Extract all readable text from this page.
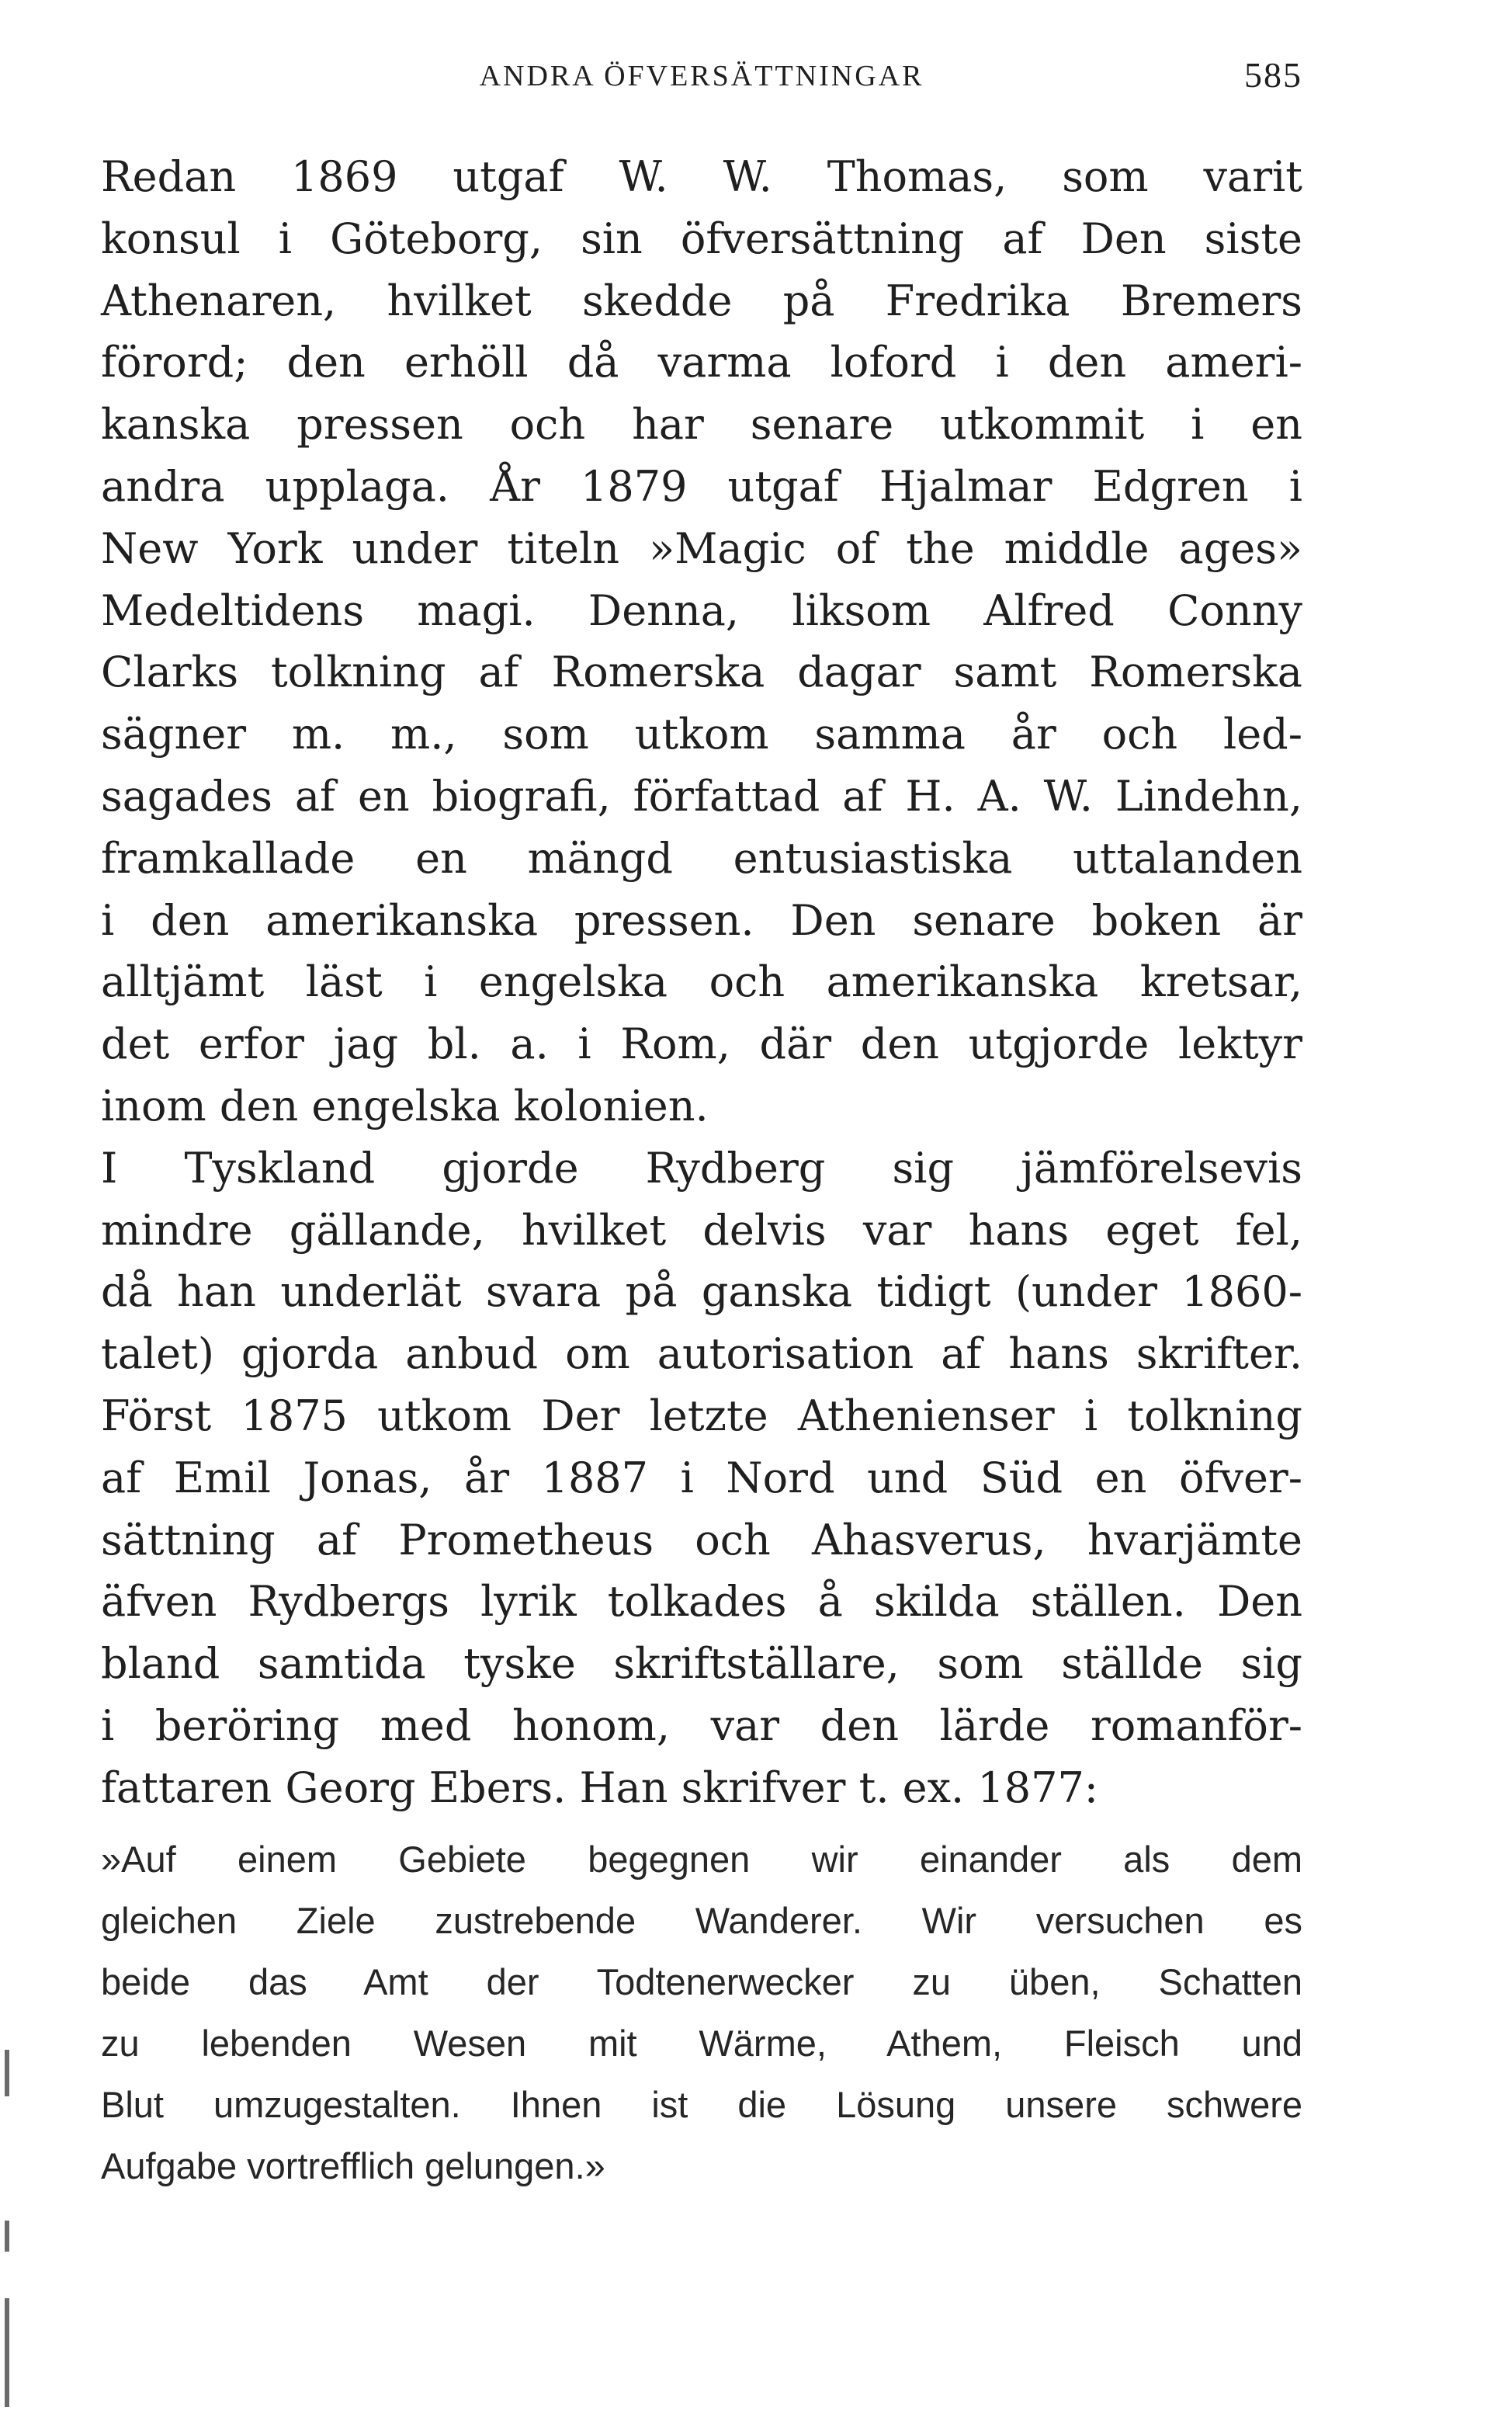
ANDRA ÖFVERSÄTTNINGAR	585
Redan 1869 utgaf W. W. Thomas, som varit
konsul i Göteborg, sin öfversättning af Den siste
Athenaren, hvilket skedde på Fredrika Bremers
förord; den erhöll då varma loford i den ameri-
kanska pressen och har senare utkommit i en
andra upplaga. År 1879 utgaf Hjalmar Edgren i
New York under titeln »Magic of the middle ages»
Medeltidens magi. Denna, liksom Alfred Conny
Clarks tolkning af Romerska dagar samt Romerska
sägner m. m., som utkom samma år och led-
sagades af en biografi, författad af H. A. W. Lindehn,
framkallade en mängd entusiastiska uttalanden
i den amerikanska pressen. Den senare boken är
alltjämt läst i engelska och amerikanska kretsar,
det erfor jag bl. a. i Rom, där den utgjorde lektyr
inom den engelska kolonien.
I Tyskland gjorde Rydberg sig jämförelsevis
mindre gällande, hvilket delvis var hans eget fel,
då han underlät svara på ganska tidigt (under 1860-
talet) gjorda anbud om autorisation af hans skrifter.
Först 1875 utkom Der letzte Athenienser i tolkning
af Emil Jonas, år 1887 i Nord und Süd en öfver-
sättning af Prometheus och Ahasverus, hvarjämte
äfven Rydbergs lyrik tolkades å skilda ställen. Den
bland samtida tyske skriftställare, som ställde sig
i beröring med honom, var den lärde romanför-
fattaren Georg Ebers. Han skrifver t. ex. 1877:
»Auf einem Gebiete begegnen wir einander als dem
gleichen Ziele zustrebende Wanderer. Wir versuchen es
beide das Amt der Todtenerwecker zu üben, Schatten
zu lebenden Wesen mit Wärme, Athem, Fleisch und
Blut umzugestalten. Ihnen ist die Lösung unsere schwere
Aufgabe vortrefflich gelungen.»
